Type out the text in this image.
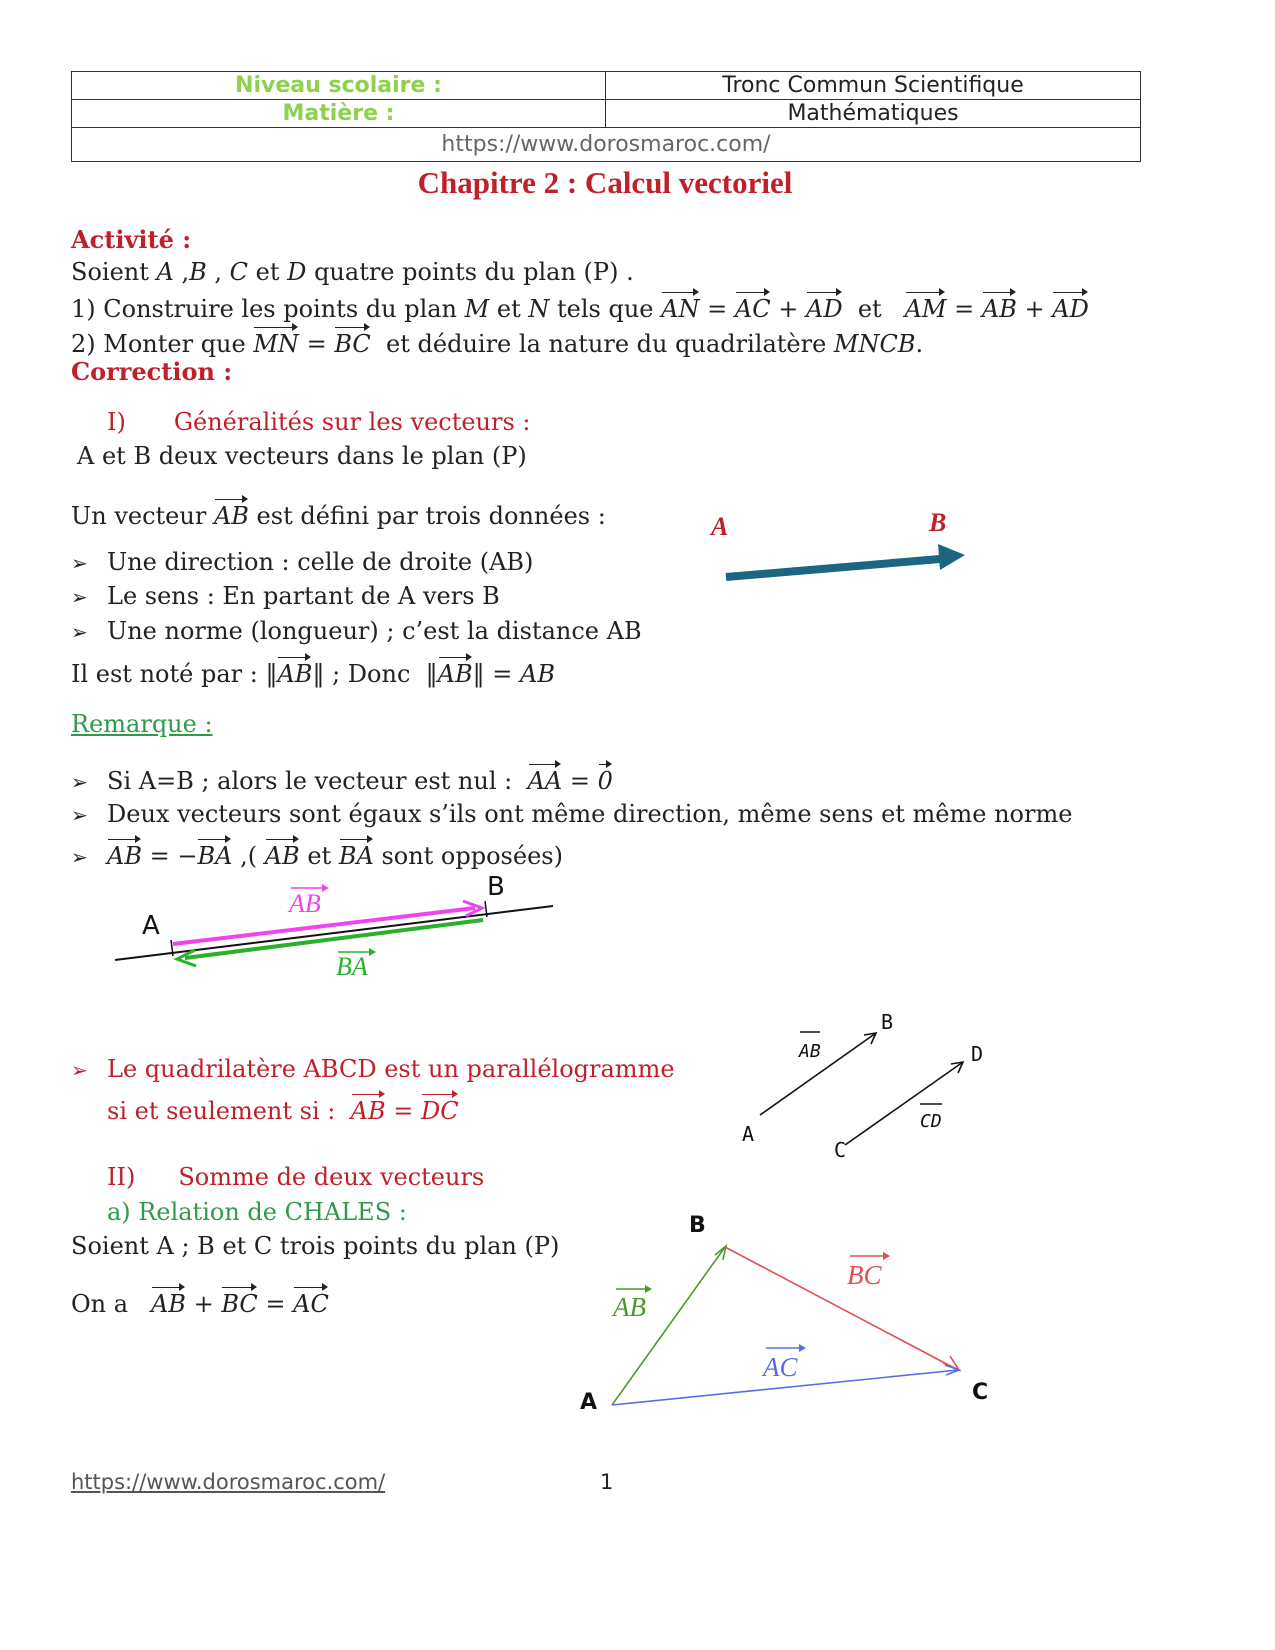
Niveau scolaire :	Tronc Commun Scientifique
Matière :	Mathématiques
https://www.dorosmaroc.com/	
Chapitre 2 : Calcul vectoriel
Activité :
Soient A ,B , C et D quatre points du plan (P) .
1) Construire les points du plan M et N tels que AN = AC + AD et AM = AB + AD
2) Monter que MN = BC et déduire la nature du quadrilatère MNCB.
Correction :
I) Généralités sur les vecteurs :
A et B deux vecteurs dans le plan (P)
Un vecteur AB est défini par trois données :
➢ Une direction : celle de droite (AB)
➢ Le sens : En partant de A vers B
➢ Une norme (longueur) ; c’est la distance AB
Il est noté par : ‖AB‖ ; Donc  ‖AB‖ = AB
A	B
Remarque :
➢ Si A=B ; alors le vecteur est nul : AA = 0
➢ Deux vecteurs sont égaux s’ils ont même direction, même sens et même norme
➢ AB = −BA ,( AB et BA sont opposées)
A
B
AB
BA
➢ Le quadrilatère ABCD est un parallélogramme
si et seulement si : AB = DC
A
B
C
D
AB
CD
II) Somme de deux vecteurs
a) Relation de CHALES :
Soient A ; B et C trois points du plan (P)
On a AB + BC = AC
A
B
C
AB
BC
AC
https://www.dorosmaroc.com/	1
